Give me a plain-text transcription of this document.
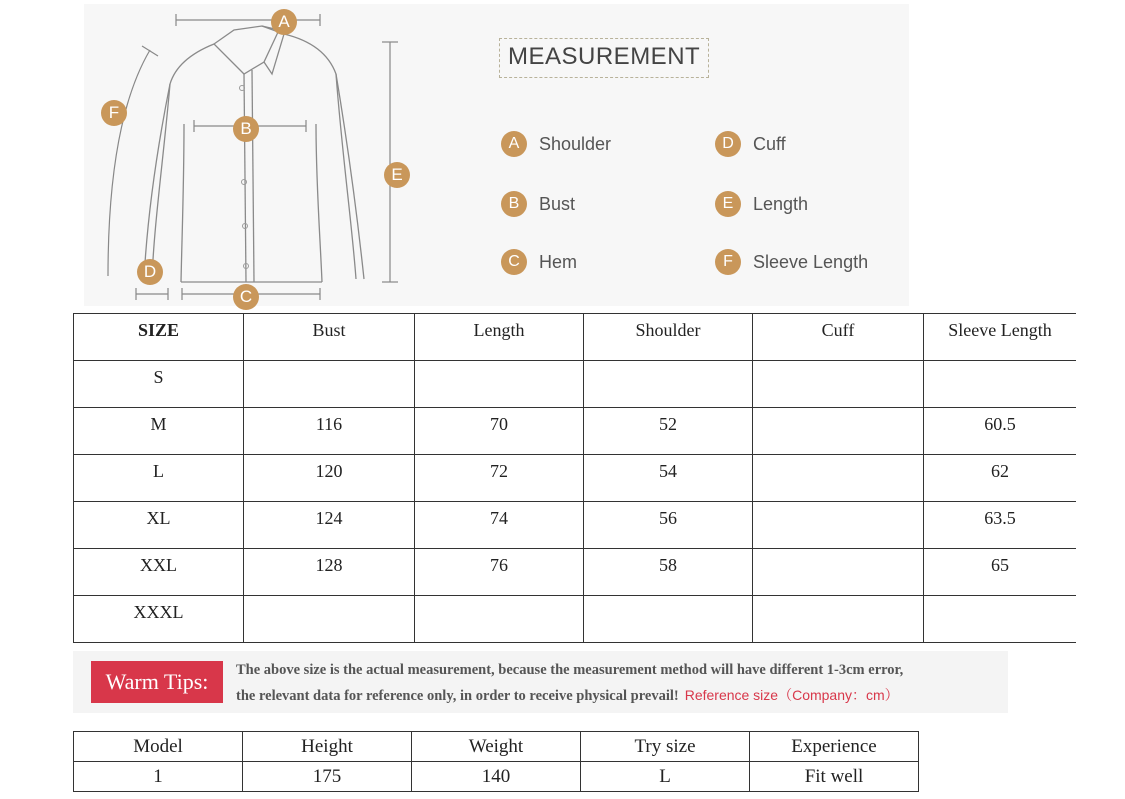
A
B
C
D
E
F
MEASUREMENT
A	Shoulder
B	Bust
C	Hem
D	Cuff
E	Length
F	Sleeve Length
SIZE	Bust	Length	Shoulder	Cuff	Sleeve Length
S					
M	116	70	52		60.5
L	120	72	54		62
XL	124	74	56		63.5
XXL	128	76	58		65
XXXL					
Warm Tips:	The above size is the actual measurement, because the measurement method will have different 1-3cm error,
the relevant data for reference only, in order to receive physical prevail! Reference size（Company：cm）
Model	Height	Weight	Try size	Experience
1	175	140	L	Fit well
